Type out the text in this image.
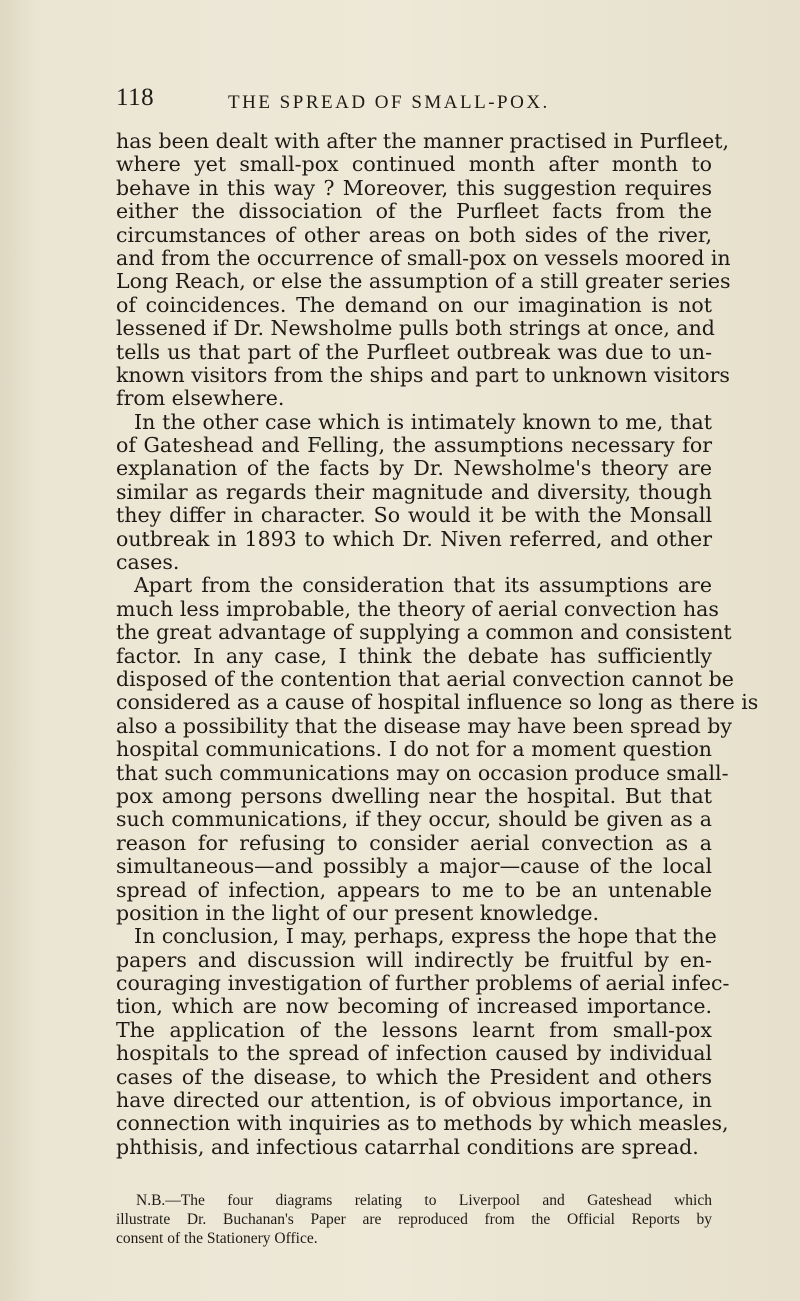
118	THE SPREAD OF SMALL-POX.
has been dealt with after the manner practised in Purfleet,
where yet small-pox continued month after month to
behave in this way ? Moreover, this suggestion requires
either the dissociation of the Purfleet facts from the
circumstances of other areas on both sides of the river,
and from the occurrence of small-pox on vessels moored in
Long Reach, or else the assumption of a still greater series
of coincidences. The demand on our imagination is not
lessened if Dr. Newsholme pulls both strings at once, and
tells us that part of the Purfleet outbreak was due to un-
known visitors from the ships and part to unknown visitors
from elsewhere.
In the other case which is intimately known to me, that
of Gateshead and Felling, the assumptions necessary for
explanation of the facts by Dr. Newsholme's theory are
similar as regards their magnitude and diversity, though
they differ in character. So would it be with the Monsall
outbreak in 1893 to which Dr. Niven referred, and other
cases.
Apart from the consideration that its assumptions are
much less improbable, the theory of aerial convection has
the great advantage of supplying a common and consistent
factor. In any case, I think the debate has sufficiently
disposed of the contention that aerial convection cannot be
considered as a cause of hospital influence so long as there is
also a possibility that the disease may have been spread by
hospital communications. I do not for a moment question
that such communications may on occasion produce small-
pox among persons dwelling near the hospital. But that
such communications, if they occur, should be given as a
reason for refusing to consider aerial convection as a
simultaneous—and possibly a major—cause of the local
spread of infection, appears to me to be an untenable
position in the light of our present knowledge.
In conclusion, I may, perhaps, express the hope that the
papers and discussion will indirectly be fruitful by en-
couraging investigation of further problems of aerial infec-
tion, which are now becoming of increased importance.
The application of the lessons learnt from small-pox
hospitals to the spread of infection caused by individual
cases of the disease, to which the President and others
have directed our attention, is of obvious importance, in
connection with inquiries as to methods by which measles,
phthisis, and infectious catarrhal conditions are spread.
N.B.—The four diagrams relating to Liverpool and Gateshead which
illustrate Dr. Buchanan's Paper are reproduced from the Official Reports by
consent of the Stationery Office.
